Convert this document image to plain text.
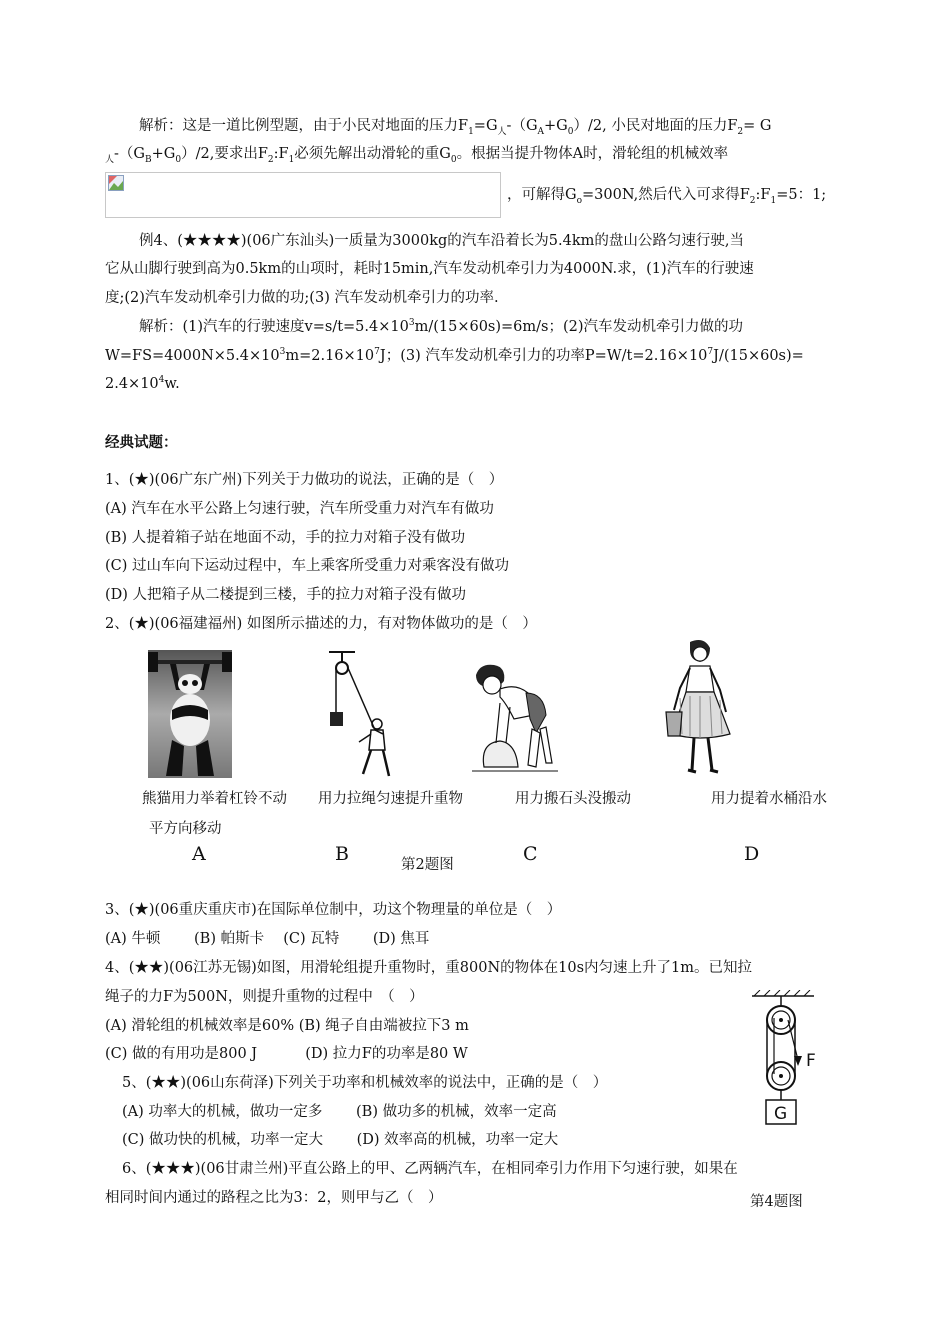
解析：这是一道比例型题，由于小民对地面的压力$F_1=G_人-(G_A+G_0)/2$, 小民对地面的压力$F_2= G$
$_人-(G_B+G_0)/2$,要求出$F_2:F_1$必须先解出动滑轮的重$G_0$。根据当提升物体A时，滑轮组的机械效率
，可解得$G_o=300N$,然后代入可求得$F_2:F_1=5$：1;
例4、(★★★★)(06广东汕头)一质量为3000kg的汽车沿着长为5.4km的盘山公路匀速行驶,当
它从山脚行驶到高为0.5km的山项时，耗时15min,汽车发动机牵引力为4000N.求，(1)汽车的行驶速
度;(2)汽车发动机牵引力做的功;(3) 汽车发动机牵引力的功率.
解析：(1)汽车的行驶速度$v=s/t=5.4\times 10^3m/(15\times 60s)=6m/s$；(2)汽车发动机牵引力做的功
$W=FS=4000N\times 5.4\times 10^3m=2.16\times 10^7J$；(3) 汽车发动机牵引力的功率$P=W/t=2.16\times 10^7J/(15\times 60s)=$
$2.4\times 10^4w$.
经典试题：
1、(★)(06广东广州)下列关于力做功的说法，正确的是（　）
(A) 汽车在水平公路上匀速行驶，汽车所受重力对汽车有做功
(B) 人提着箱子站在地面不动，手的拉力对箱子没有做功
(C) 过山车向下运动过程中，车上乘客所受重力对乘客没有做功
(D) 人把箱子从二楼提到三楼，手的拉力对箱子没有做功
2、(★)(06福建福州) 如图所示描述的力，有对物体做功的是（　）
熊猫用力举着杠铃不动
平方向移动
用力拉绳匀速提升重物	用力搬石头没搬动	用力提着水桶沿水
A	B	第2题图	C	D
3、(★)(06重庆重庆市)在国际单位制中，功这个物理量的单位是（　）
(A) 牛顿　　 (B) 帕斯卡　 (C) 瓦特　　 (D) 焦耳
4、(★★)(06江苏无锡)如图，用滑轮组提升重物时，重800N的物体在10s内匀速上升了1m。已知拉
绳子的力F为500N，则提升重物的过程中　（　）
(A) 滑轮组的机械效率是60% (B) 绳子自由端被拉下3 m
(C) 做的有用功是800 J　　　 (D) 拉力F的功率是80 W	F
G
5、(★★)(06山东荷泽)下列关于功率和机械效率的说法中，正确的是（　）
(A) 功率大的机械，做功一定多　　 (B) 做功多的机械，效率一定高
(C) 做功快的机械，功率一定大　　 (D) 效率高的机械，功率一定大
6、(★★★)(06甘肃兰州)平直公路上的甲、乙两辆汽车，在相同牵引力作用下匀速行驶，如果在
相同时间内通过的路程之比为3：2，则甲与乙（　）	第4题图
